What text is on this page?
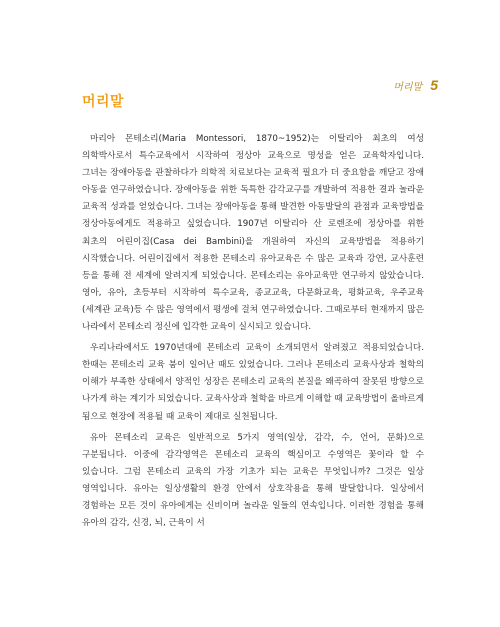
머리말 5
머리말

마리아 몬테소리(Maria Montessori, 1870~1952)는 이탈리아 최초의 여성 의학박사로서 특수교육에서 시작하여 정상아 교육으로 명성을 얻은 교육학자입니다. 그녀는 장애아동을 관찰하다가 의학적 치료보다는 교육적 필요가 더 중요함을 깨닫고 장애 아동을 연구하였습니다. 장애아동을 위한 독특한 감각교구를 개발하여 적용한 결과 놀라운 교육적 성과를 얻었습니다. 그녀는 장애아동을 통해 발견한 아동발달의 관점과 교육방법을 정상아동에게도 적용하고 싶었습니다. 1907년 이탈리아 산 로렌조에 정상아를 위한 최초의 어린이집(Casa dei Bambini)을 개원하여 자신의 교육방법을 적용하기 시작했습니다. 어린이집에서 적용한 몬테소리 유아교육은 수 많은 교육과 강연, 교사훈련 등을 통해 전 세계에 알려지게 되었습니다. 몬테소리는 유아교육만 연구하지 않았습니다. 영아, 유아, 초등부터 시작하여 특수교육, 종교교육, 다문화교육, 평화교육, 우주교육(세계관 교육)등 수 많은 영역에서 평생에 걸쳐 연구하였습니다. 그때로부터 현재까지 많은 나라에서 몬테소리 정신에 입각한 교육이 실시되고 있습니다.

우리나라에서도 1970년대에 몬테소리 교육이 소개되면서 알려졌고 적용되었습니다. 한때는 몬테소리 교육 붐이 일어난 때도 있었습니다. 그러나 몬테소리 교육사상과 철학의 이해가 부족한 상태에서 양적인 성장은 몬테소리 교육의 본질을 왜곡하여 잘못된 방향으로 나가게 하는 계기가 되었습니다. 교육사상과 철학을 바르게 이해할 때 교육방법이 올바르게 됨으로 현장에 적용될 때 교육이 제대로 실천됩니다.

유아 몬테소리 교육은 일반적으로 5가지 영역(일상, 감각, 수, 언어, 문화)으로 구분됩니다. 이중에 감각영역은 몬테소리 교육의 핵심이고 수영역은 꽃이라 할 수 있습니다. 그럼 몬테소리 교육의 가장 기초가 되는 교육은 무엇입니까? 그것은 일상 영역입니다. 유아는 일상생활의 환경 안에서 상호작용을 통해 발달합니다. 일상에서 경험하는 모든 것이 유아에게는 신비이며 놀라운 일들의 연속입니다. 이러한 경험을 통해 유아의 감각, 신경, 뇌, 근육이 서
